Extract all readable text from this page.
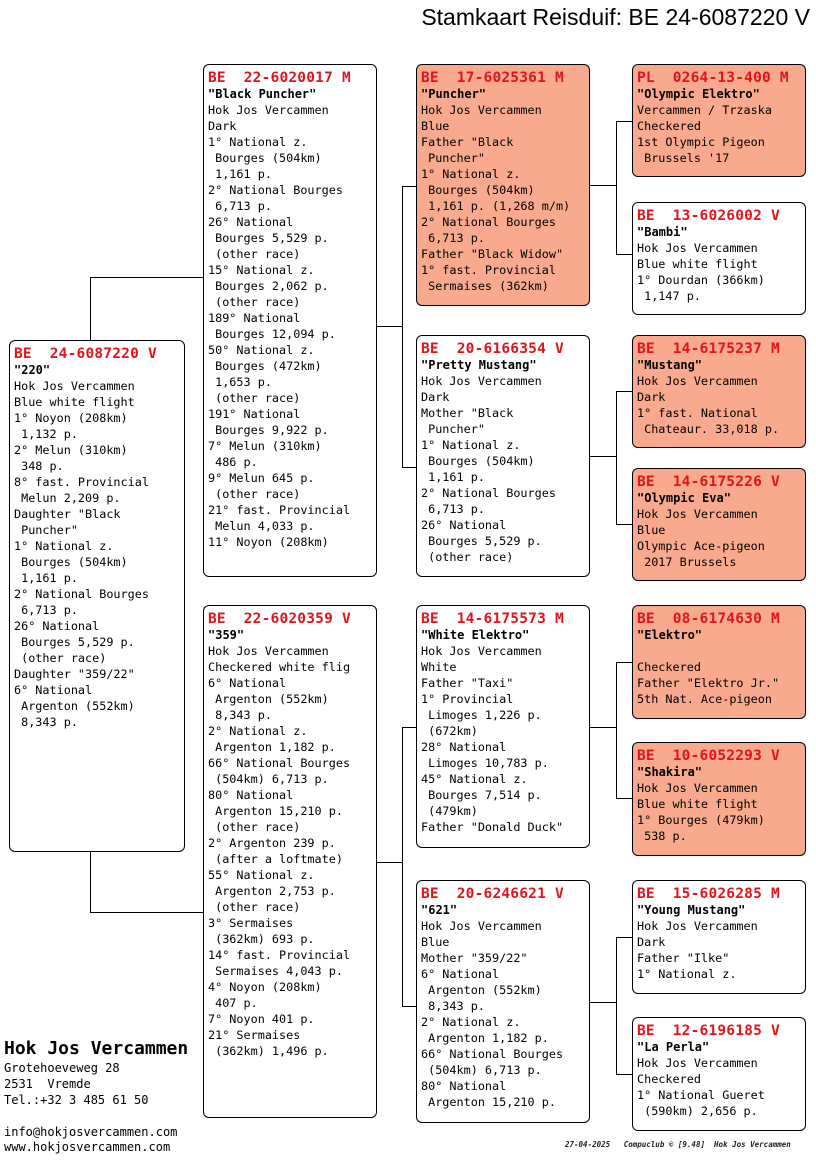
Stamkaart Reisduif: BE 24-6087220 V
BE  24-6087220 V
"220"
Hok Jos Vercammen
Blue white flight
1° Noyon (208km)
1,132 p.
2° Melun (310km)
348 p.
8° fast. Provincial
Melun 2,209 p.
Daughter "Black
Puncher"
1° National z.
Bourges (504km)
1,161 p.
2° National Bourges
6,713 p.
26° National
Bourges 5,529 p.
(other race)
Daughter "359/22"
6° National
Argenton (552km)
8,343 p.
BE  22-6020017 M
"Black Puncher"
Hok Jos Vercammen
Dark
1° National z.
Bourges (504km)
1,161 p.
2° National Bourges
6,713 p.
26° National
Bourges 5,529 p.
(other race)
15° National z.
Bourges 2,062 p.
(other race)
189° National
Bourges 12,094 p.
50° National z.
Bourges (472km)
1,653 p.
(other race)
191° National
Bourges 9,922 p.
7° Melun (310km)
486 p.
9° Melun 645 p.
(other race)
21° fast. Provincial
Melun 4,033 p.
11° Noyon (208km)
BE  22-6020359 V
"359"
Hok Jos Vercammen
Checkered white flig
6° National
Argenton (552km)
8,343 p.
2° National z.
Argenton 1,182 p.
66° National Bourges
(504km) 6,713 p.
80° National
Argenton 15,210 p.
(other race)
2° Argenton 239 p.
(after a loftmate)
55° National z.
Argenton 2,753 p.
(other race)
3° Sermaises
(362km) 693 p.
14° fast. Provincial
Sermaises 4,043 p.
4° Noyon (208km)
407 p.
7° Noyon 401 p.
21° Sermaises
(362km) 1,496 p.
BE  17-6025361 M
"Puncher"
Hok Jos Vercammen
Blue
Father "Black
Puncher"
1° National z.
Bourges (504km)
1,161 p. (1,268 m/m)
2° National Bourges
6,713 p.
Father "Black Widow"
1° fast. Provincial
Sermaises (362km)
BE  20-6166354 V
"Pretty Mustang"
Hok Jos Vercammen
Dark
Mother "Black
Puncher"
1° National z.
Bourges (504km)
1,161 p.
2° National Bourges
6,713 p.
26° National
Bourges 5,529 p.
(other race)
BE  14-6175573 M
"White Elektro"
Hok Jos Vercammen
White
Father "Taxi"
1° Provincial
Limoges 1,226 p.
(672km)
28° National
Limoges 10,783 p.
45° National z.
Bourges 7,514 p.
(479km)
Father "Donald Duck"
BE  20-6246621 V
"621"
Hok Jos Vercammen
Blue
Mother "359/22"
6° National
Argenton (552km)
8,343 p.
2° National z.
Argenton 1,182 p.
66° National Bourges
(504km) 6,713 p.
80° National
Argenton 15,210 p.
PL  0264-13-400 M
"Olympic Elektro"
Vercammen / Trzaska
Checkered
1st Olympic Pigeon
Brussels '17
BE  13-6026002 V
"Bambi"
Hok Jos Vercammen
Blue white flight
1° Dourdan (366km)
1,147 p.
BE  14-6175237 M
"Mustang"
Hok Jos Vercammen
Dark
1° fast. National
Chateaur. 33,018 p.
BE  14-6175226 V
"Olympic Eva"
Hok Jos Vercammen
Blue
Olympic Ace-pigeon
2017 Brussels
BE  08-6174630 M
"Elektro"

Checkered
Father "Elektro Jr."
5th Nat. Ace-pigeon
BE  10-6052293 V
"Shakira"
Hok Jos Vercammen
Blue white flight
1° Bourges (479km)
538 p.
BE  15-6026285 M
"Young Mustang"
Hok Jos Vercammen
Dark
Father "Ilke"
1° National z.
BE  12-6196185 V
"La Perla"
Hok Jos Vercammen
Checkered
1° National Gueret
(590km) 2,656 p.
Hok Jos Vercammen
Grotehoeveweg 28
2531  Vremde
Tel.:+32 3 485 61 50
info@hokjosvercammen.com
www.hokjosvercammen.com	27-04-2025   Compuclub © [9.48]  Hok Jos Vercammen
